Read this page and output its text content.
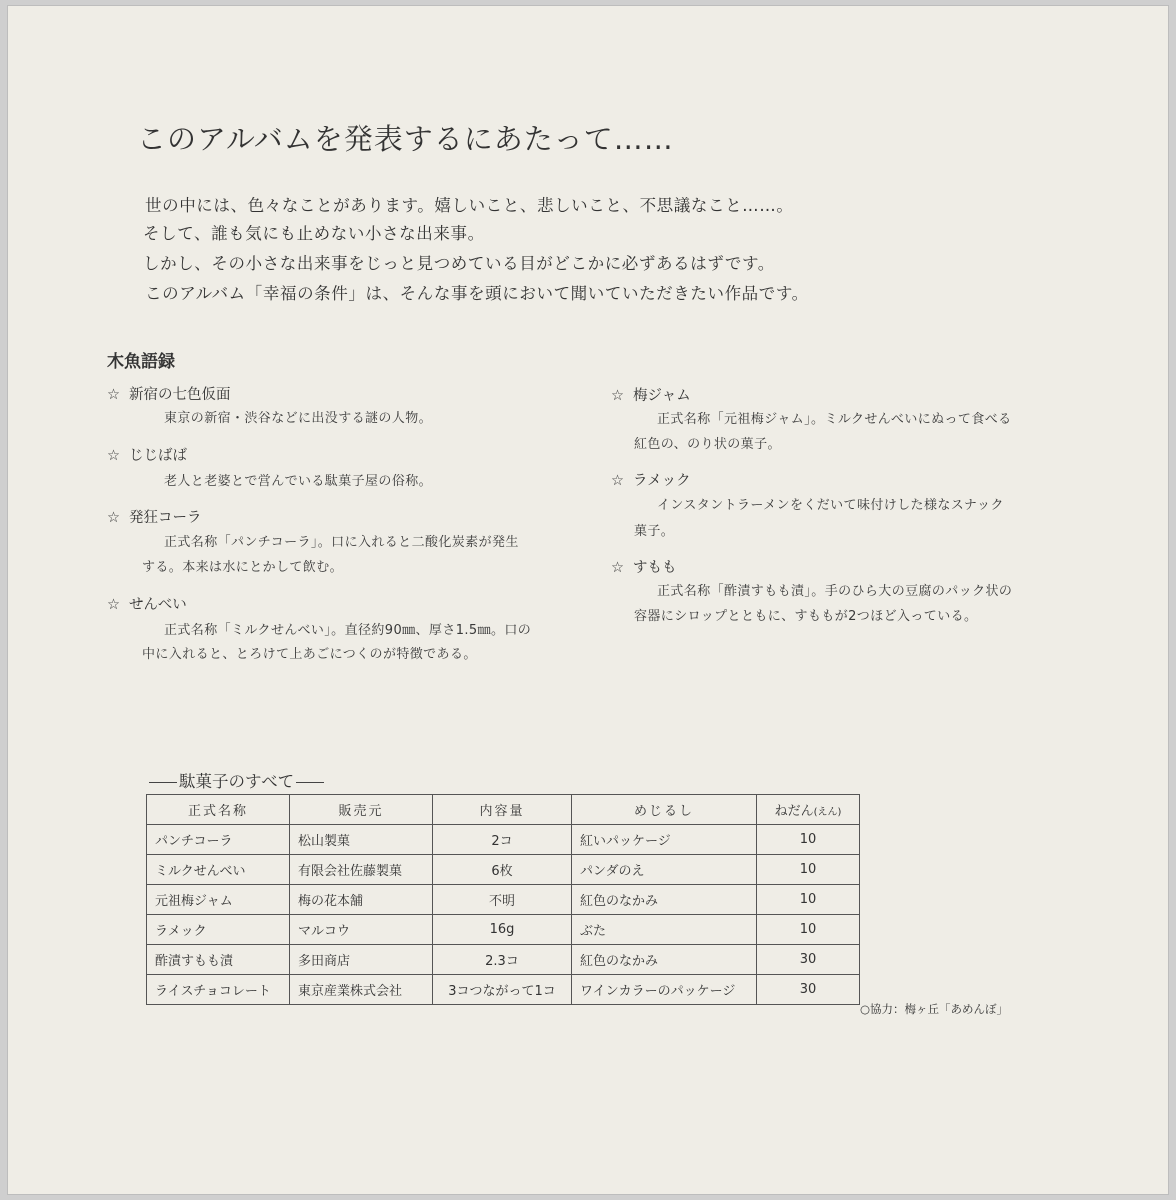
このアルバムを発表するにあたって……
世の中には、色々なことがあります。嬉しいこと、悲しいこと、不思議なこと……。
そして、誰も気にも止めない小さな出来事。
しかし、その小さな出来事をじっと見つめている目がどこかに必ずあるはずです。
このアルバム「幸福の条件」は、そんな事を頭において聞いていただきたい作品です。
木魚語録
☆ 新宿の七色仮面
東京の新宿・渋谷などに出没する謎の人物。
☆ じじばば
老人と老婆とで営んでいる駄菓子屋の俗称。
☆ 発狂コーラ
正式名称「パンチコーラ」。口に入れると二酸化炭素が発生
する。本来は水にとかして飲む。
☆ せんべい
正式名称「ミルクせんべい」。直径約90㎜、厚さ1.5㎜。口の
中に入れると、とろけて上あごにつくのが特徴である。
☆ 梅ジャム
正式名称「元祖梅ジャム」。ミルクせんべいにぬって食べる
紅色の、のり状の菓子。
☆ ラメック
インスタントラーメンをくだいて味付けした様なスナック
菓子。
☆ すもも
正式名称「酢漬すもも漬」。手のひら大の豆腐のパック状の
容器にシロップとともに、すももが2つほど入っている。
駄菓子のすべて
正式名称	販売元	内容量	めじるし	ねだん(えん)
パンチコーラ	松山製菓	2コ	紅いパッケージ	10
ミルクせんべい	有限会社佐藤製菓	6枚	パンダのえ	10
元祖梅ジャム	梅の花本舗	不明	紅色のなかみ	10
ラメック	マルコウ	16g	ぶた	10
酢漬すもも漬	多田商店	2.3コ	紅色のなかみ	30
ライスチョコレート	東京産業株式会社	3コつながって1コ	ワインカラーのパッケージ	30
○協力：梅ヶ丘「あめんぼ」
